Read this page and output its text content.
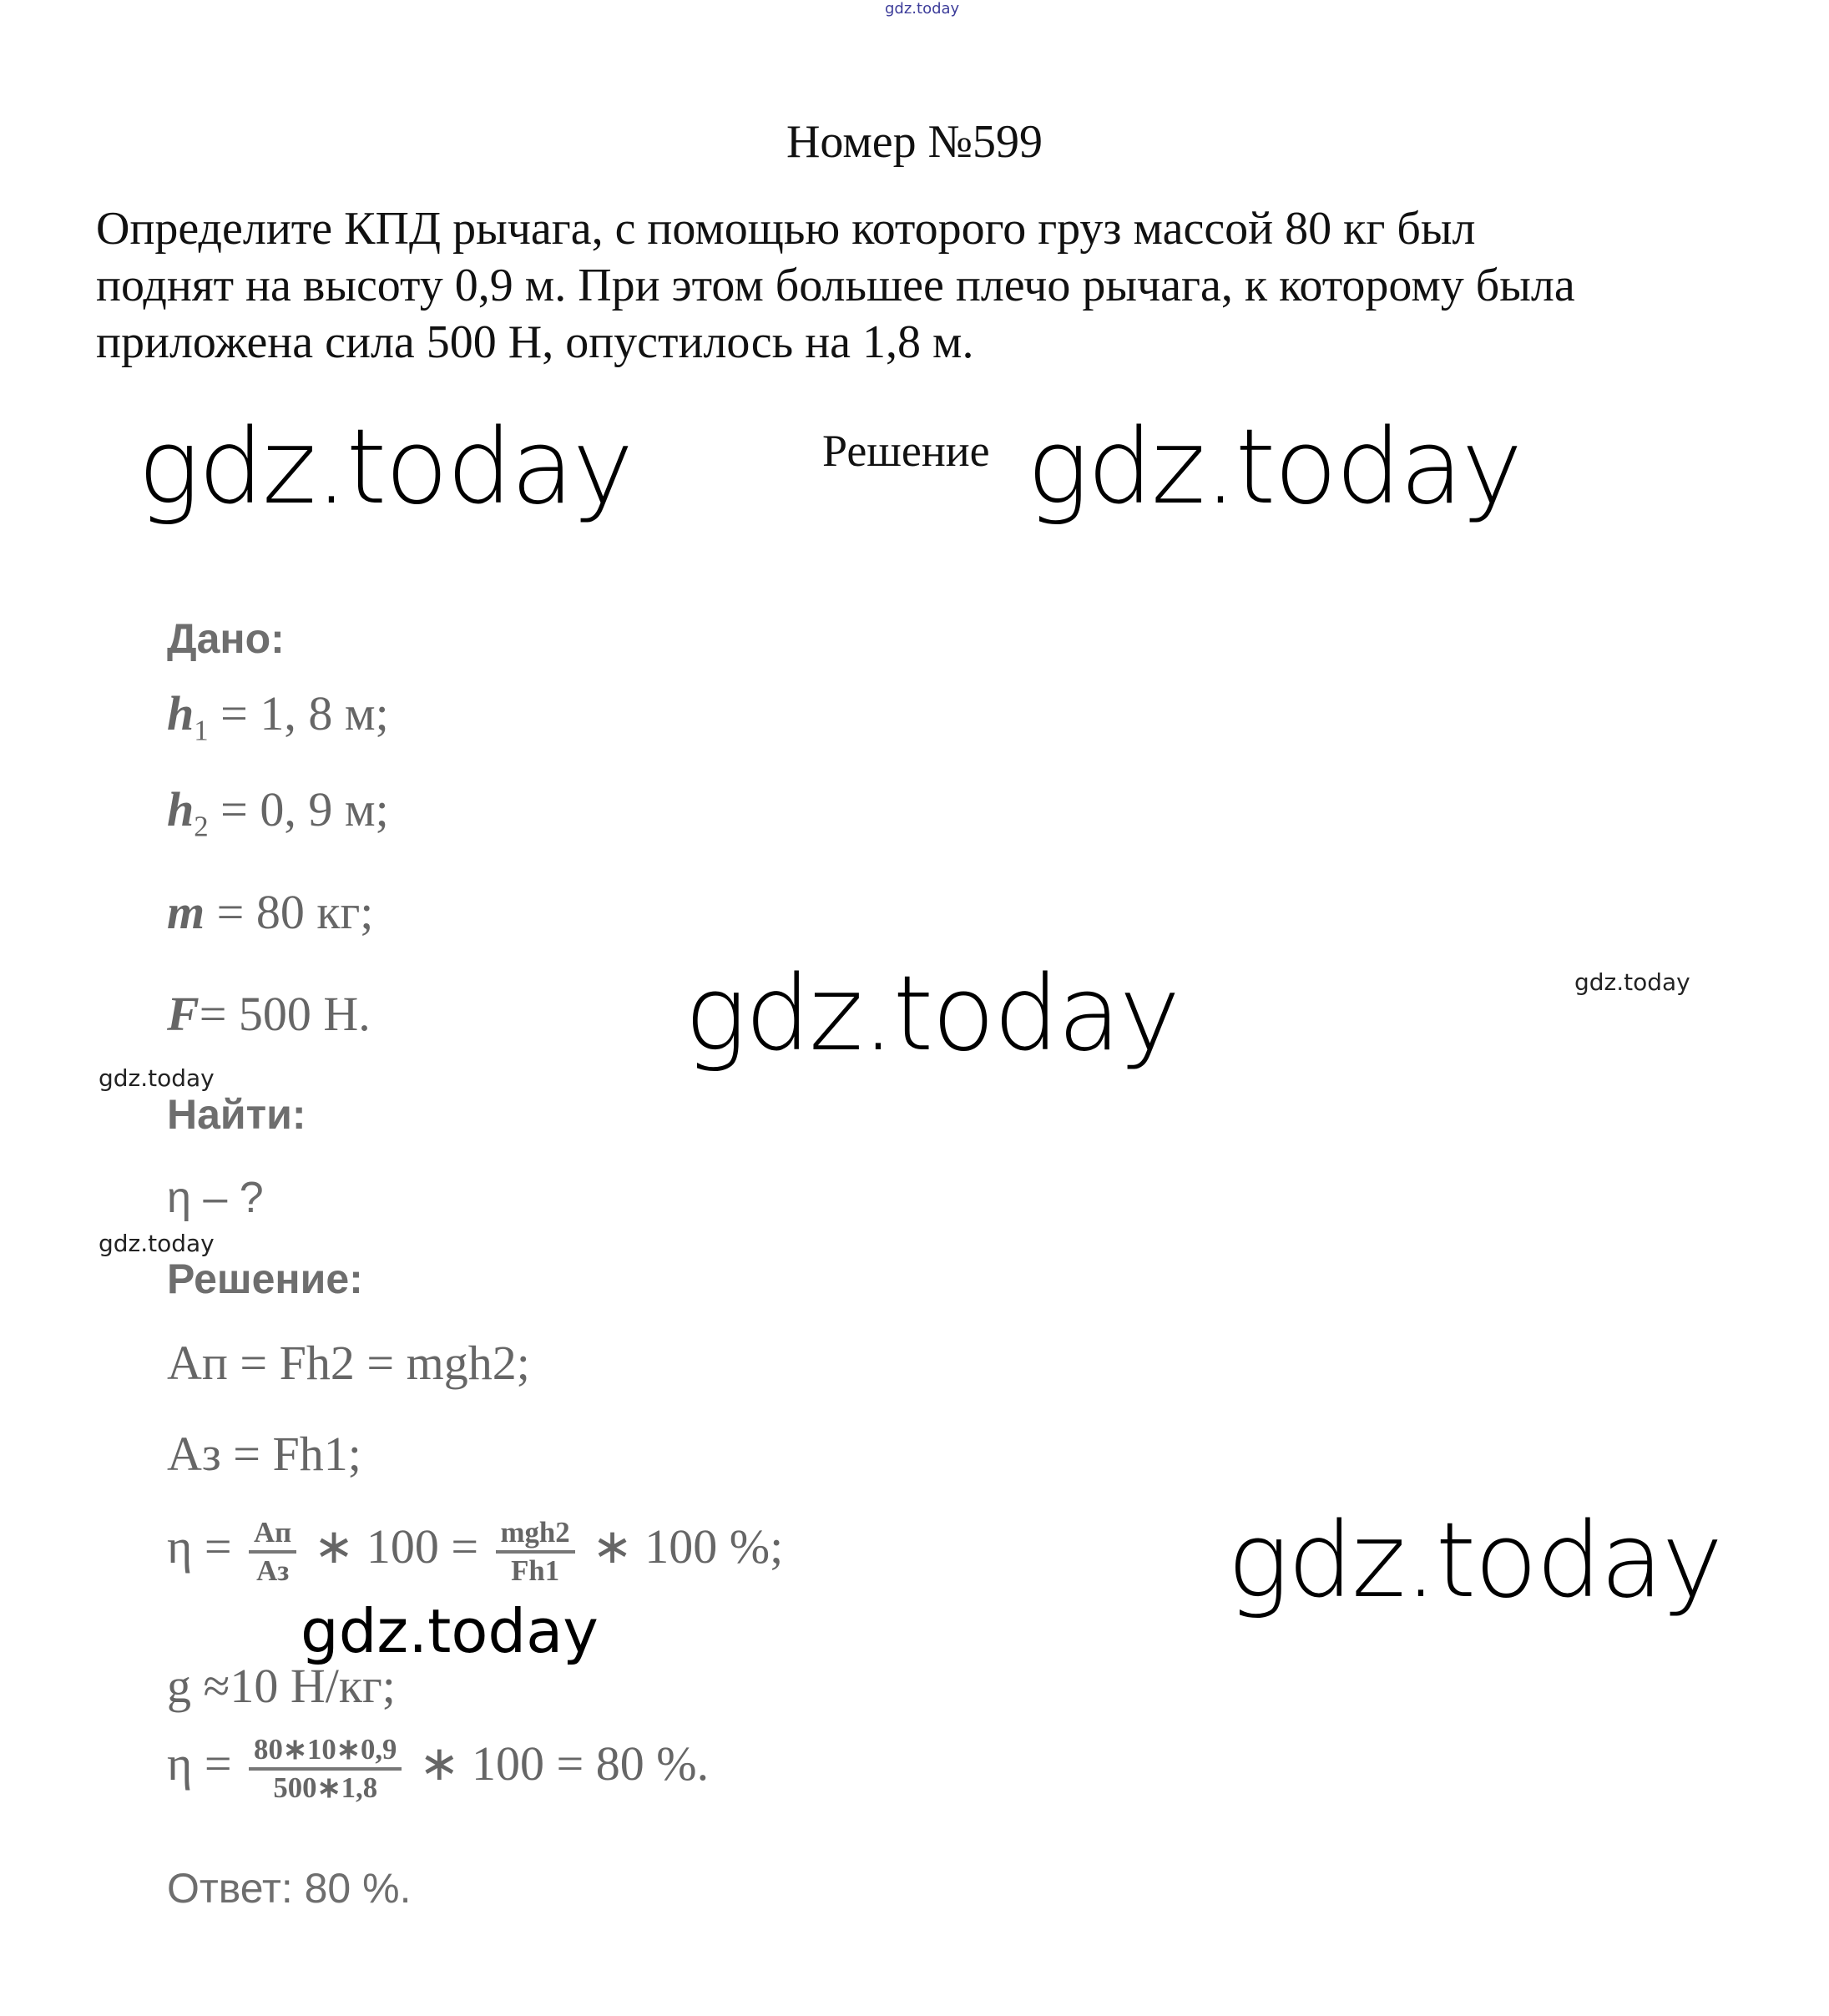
gdz.today
Номер №599
Определите КПД рычага, с помощью которого груз массой 80 кг был
поднят на высоту 0,9 м. При этом большее плечо рычага, к которому была
приложена сила 500 Н, опустилось на 1,8 м.
gdz.today	Решение gdz.today
Дано:
$h_1 = 1$, 8 м;
$h_2 = 0$, 9 м;
m = 80 кг;
F= 500 Н.	gdz.today	gdz.today
gdz.today
Найти:
η – ?
gdz.today
Решение:
Aп = Fh2 = mgh2;
Aз = Fh1;
$\eta = \frac{Aп}{Aз}$ ∗ $100 = \frac{\text{mgh2}}{Fh1}$ ∗ 100 %;
gdz.today
gdz.today
g ≈10 Н/кг;
$\eta = \frac{80∗10∗0,9}{500∗1,8}$ ∗ 100 = 80 %.
Ответ: 80 %.
